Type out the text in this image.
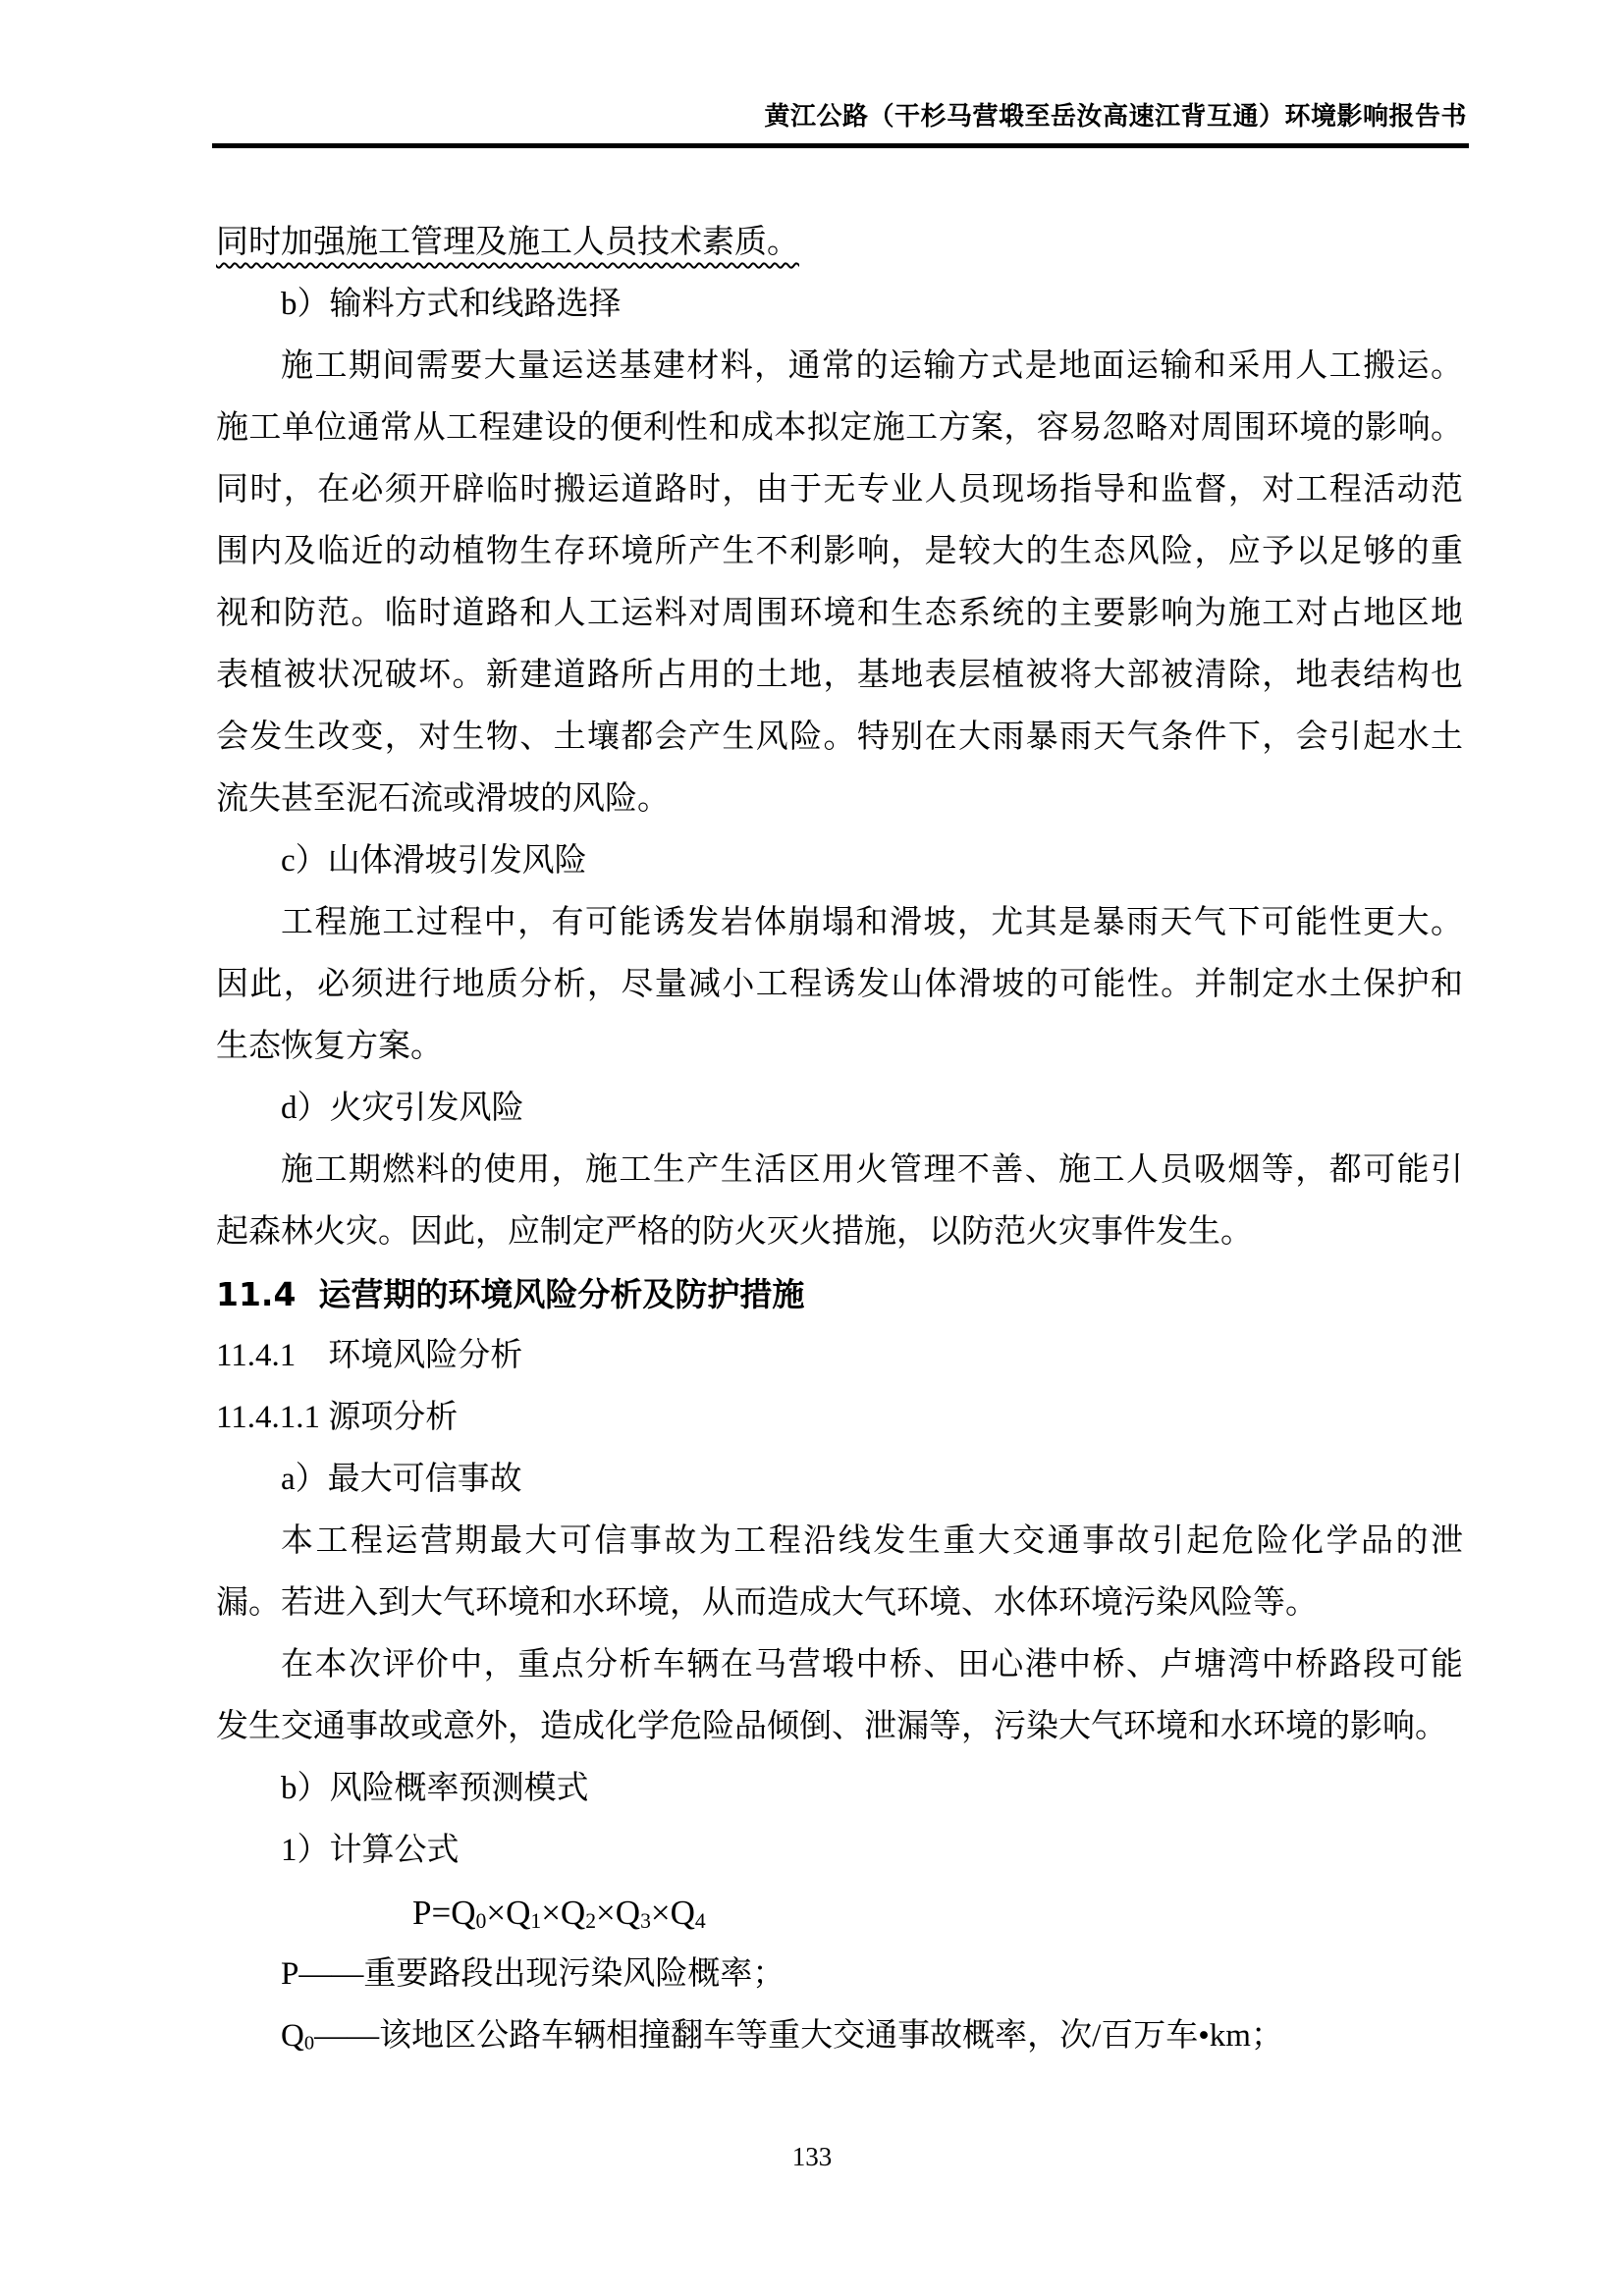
黄江公路（干杉马营塅至岳汝高速江背互通）环境影响报告书
同时加强施工管理及施工人员技术素质。
b）输料方式和线路选择
施工期间需要大量运送基建材料，通常的运输方式是地面运输和采用人工搬运。
施工单位通常从工程建设的便利性和成本拟定施工方案，容易忽略对周围环境的影响。
同时，在必须开辟临时搬运道路时，由于无专业人员现场指导和监督，对工程活动范
围内及临近的动植物生存环境所产生不利影响，是较大的生态风险，应予以足够的重
视和防范。临时道路和人工运料对周围环境和生态系统的主要影响为施工对占地区地
表植被状况破坏。新建道路所占用的土地，基地表层植被将大部被清除，地表结构也
会发生改变，对生物、土壤都会产生风险。特别在大雨暴雨天气条件下，会引起水土
流失甚至泥石流或滑坡的风险。
c）山体滑坡引发风险
工程施工过程中，有可能诱发岩体崩塌和滑坡，尤其是暴雨天气下可能性更大。
因此，必须进行地质分析，尽量减小工程诱发山体滑坡的可能性。并制定水土保护和
生态恢复方案。
d）火灾引发风险
施工期燃料的使用，施工生产生活区用火管理不善、施工人员吸烟等，都可能引
起森林火灾。因此，应制定严格的防火灭火措施，以防范火灾事件发生。
11.4  运营期的环境风险分析及防护措施
11.4.1    环境风险分析
11.4.1.1 源项分析
a）最大可信事故
本工程运营期最大可信事故为工程沿线发生重大交通事故引起危险化学品的泄
漏。若进入到大气环境和水环境，从而造成大气环境、水体环境污染风险等。
在本次评价中，重点分析车辆在马营塅中桥、田心港中桥、卢塘湾中桥路段可能
发生交通事故或意外，造成化学危险品倾倒、泄漏等，污染大气环境和水环境的影响。
b）风险概率预测模式
1）计算公式
$P=Q_0\times Q_1\times Q_2\times Q_3\times Q_4$
P——重要路段出现污染风险概率；
$Q_0——$该地区公路车辆相撞翻车等重大交通事故概率，次/百万车•km；
133
